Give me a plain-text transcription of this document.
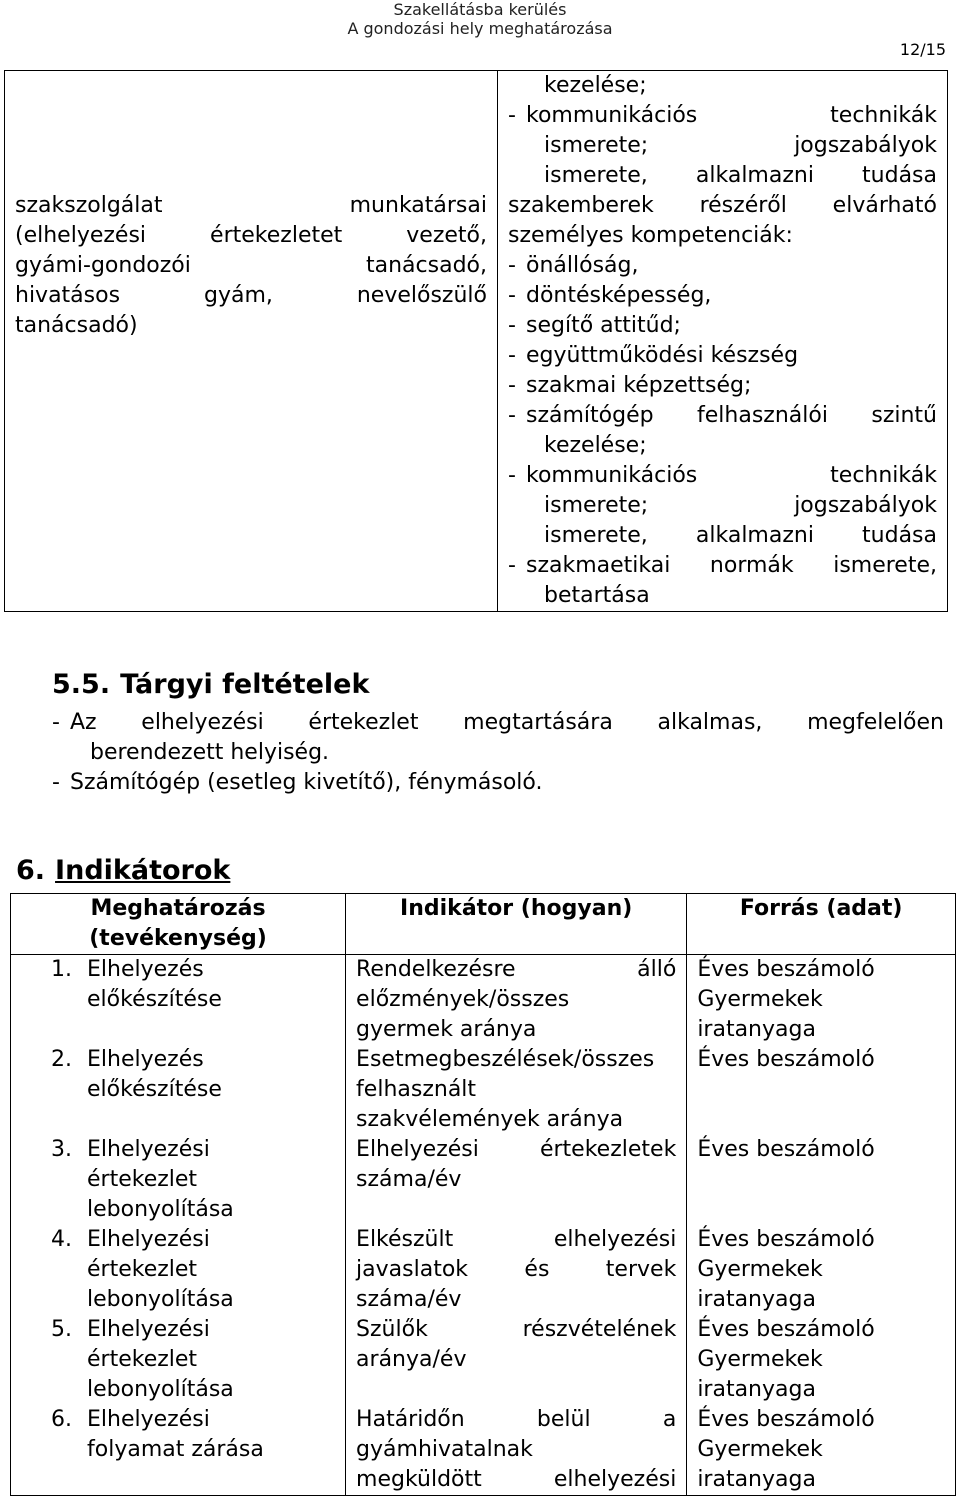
Szakellátásba kerülés
A gondozási hely meghatározása
12/15
szakszolgálat munkatársai
(elhelyezési értekezletet vezető,
gyámi-gondozói tanácsadó,
hivatásos gyám, nevelőszülő
tanácsadó)

kezelése;
- kommunikációs technikák
ismerete; jogszabályok
ismerete, alkalmazni tudása
szakemberek részéről elvárható
személyes kompetenciák:
- önállóság,
- döntésképesség,
- segítő attitűd;
- együttműködési készség
- szakmai képzettség;
- számítógép felhasználói szintű
kezelése;
- kommunikációs technikák
ismerete; jogszabályok
ismerete, alkalmazni tudása
- szakmaetikai normák ismerete,
betartása
5.5. Tárgyi feltételek
- Az elhelyezési értekezlet megtartására alkalmas, megfelelően
berendezett helyiség.
- Számítógép (esetleg kivetítő), fénymásoló.
6. Indikátorok
Meghatározás
(tevékenység)	Indikátor (hogyan)	Forrás (adat)

1. Elhelyezés
előkészítése	Rendelkezésre álló
előzmények/összes
gyermek aránya	Éves beszámoló
Gyermekek
iratanyaga

2. Elhelyezés
előkészítése	Esetmegbeszélések/összes
felhasznált
szakvélemények aránya	Éves beszámoló

3. Elhelyezési
értekezlet
lebonyolítása	Elhelyezési értekezletek
száma/év	Éves beszámoló

4. Elhelyezési
értekezlet
lebonyolítása	Elkészült elhelyezési
javaslatok és tervek
száma/év	Éves beszámoló
Gyermekek
iratanyaga

5. Elhelyezési
értekezlet
lebonyolítása	Szülők részvételének
aránya/év	Éves beszámoló
Gyermekek
iratanyaga

6. Elhelyezési
folyamat zárása	Határidőn belül a
gyámhivatalnak
megküldött elhelyezési	Éves beszámoló
Gyermekek
iratanyaga
